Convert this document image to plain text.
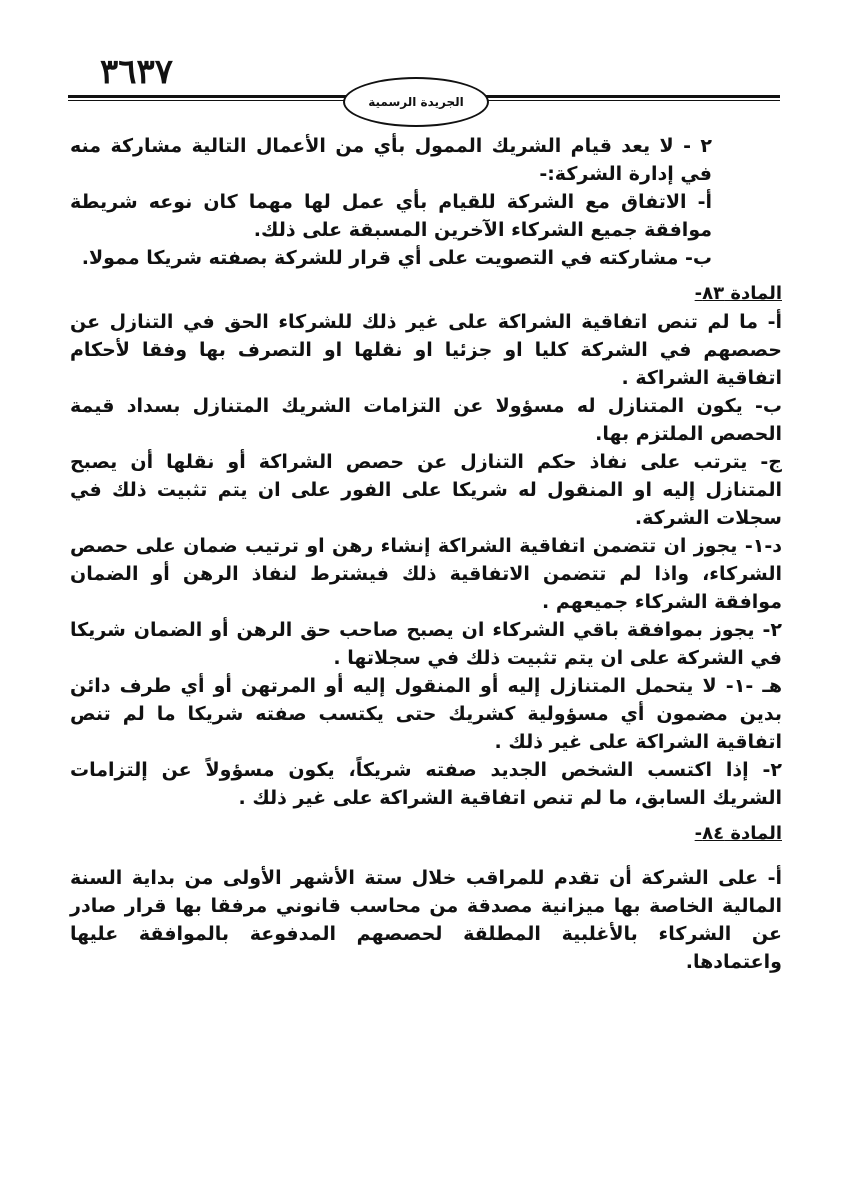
٣٦٣٧
الجريدة الرسمية
٢ - لا يعد قيام الشريك الممول بأي من الأعمال التالية مشاركة منه في إدارة الشركة:-
أ- الاتفاق مع الشركة للقيام بأي عمل لها مهما كان نوعه شريطة موافقة جميع الشركاء الآخرين المسبقة على ذلك.
ب- مشاركته في التصويت على أي قرار للشركة بصفته شريكا ممولا.
المادة ٨٣-
أ- ما لم تنص اتفاقية الشراكة على غير ذلك للشركاء الحق في التنازل عن حصصهم في الشركة كليا او جزئيا او نقلها او التصرف بها وفقا لأحكام اتفاقية الشراكة .
ب- يكون المتنازل له مسؤولا عن التزامات الشريك المتنازل بسداد قيمة الحصص الملتزم بها.
ج- يترتب على نفاذ حكم التنازل عن حصص الشراكة أو نقلها أن يصبح المتنازل إليه او المنقول له شريكا على الفور على ان يتم تثبيت ذلك في سجلات الشركة.
د-١- يجوز ان تتضمن اتفاقية الشراكة إنشاء رهن او ترتيب ضمان على حصص الشركاء، واذا لم تتضمن الاتفاقية ذلك فيشترط لنفاذ الرهن أو الضمان موافقة الشركاء جميعهم .
٢- يجوز بموافقة باقي الشركاء ان يصبح صاحب حق الرهن أو الضمان شريكا في الشركة على ان يتم تثبيت ذلك في سجلاتها .
هـ -١- لا يتحمل المتنازل إليه أو المنقول إليه أو المرتهن أو أي طرف دائن بدين مضمون أي مسؤولية كشريك حتى يكتسب صفته شريكا ما لم تنص اتفاقية الشراكة على غير ذلك .
٢- إذا اكتسب الشخص الجديد صفته شريكاً، يكون مسؤولاً عن إلتزامات الشريك السابق، ما لم تنص اتفاقية الشراكة على غير ذلك .
المادة ٨٤-
أ- على الشركة أن تقدم للمراقب خلال ستة الأشهر الأولى من بداية السنة المالية الخاصة بها ميزانية مصدقة من محاسب قانوني مرفقا بها قرار صادر عن الشركاء بالأغلبية المطلقة لحصصهم المدفوعة بالموافقة عليها واعتمادها.
